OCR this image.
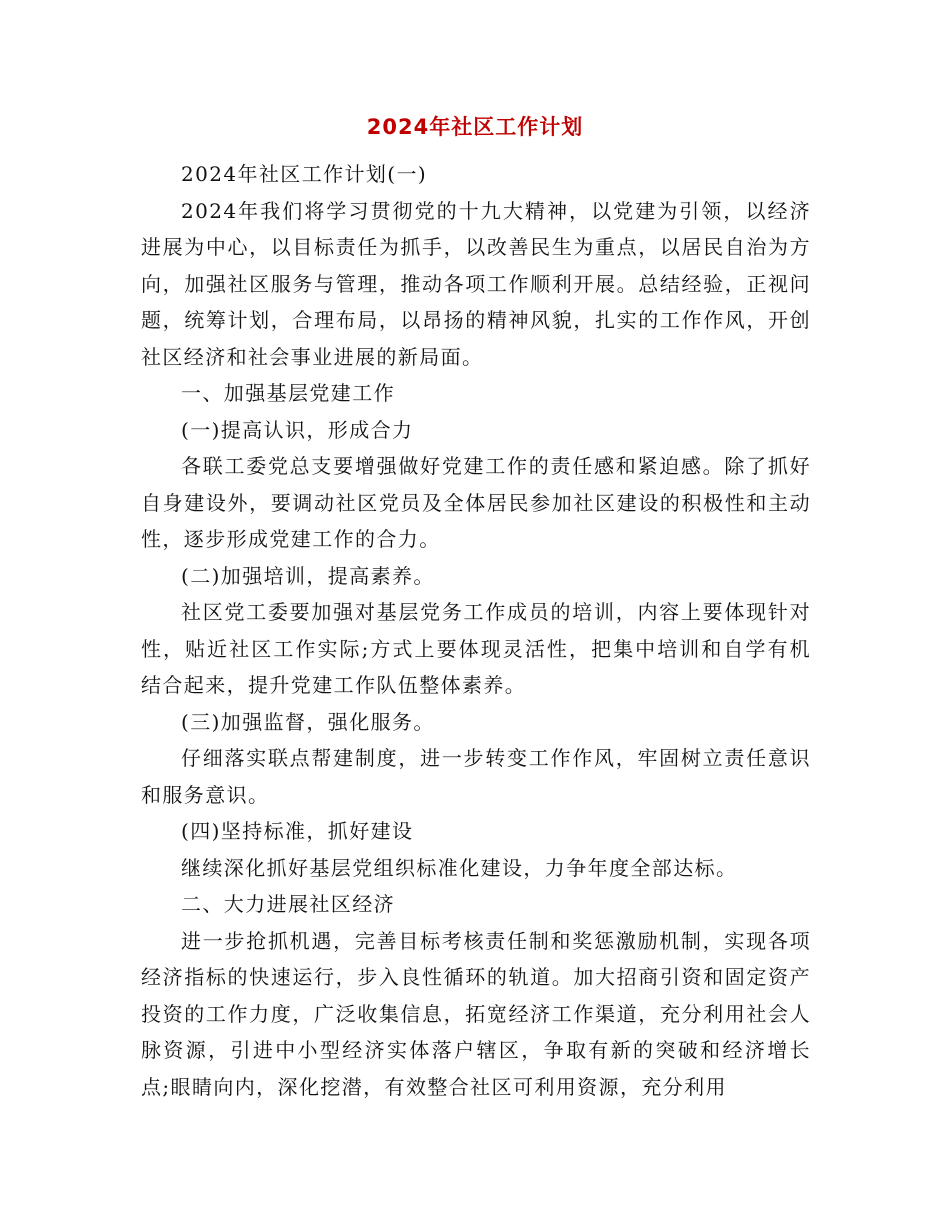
2024年社区工作计划

2024年社区工作计划(一)

2024年我们将学习贯彻党的十九大精神，以党建为引领，以经济进展为中心，以目标责任为抓手，以改善民生为重点，以居民自治为方向，加强社区服务与管理，推动各项工作顺利开展。总结经验，正视问题，统筹计划，合理布局，以昂扬的精神风貌，扎实的工作作风，开创社区经济和社会事业进展的新局面。

一、加强基层党建工作

(一)提高认识，形成合力

各联工委党总支要增强做好党建工作的责任感和紧迫感。除了抓好自身建设外，要调动社区党员及全体居民参加社区建设的积极性和主动性，逐步形成党建工作的合力。

(二)加强培训，提高素养。

社区党工委要加强对基层党务工作成员的培训，内容上要体现针对性，贴近社区工作实际;方式上要体现灵活性，把集中培训和自学有机结合起来，提升党建工作队伍整体素养。

(三)加强监督，强化服务。

仔细落实联点帮建制度，进一步转变工作作风，牢固树立责任意识和服务意识。

(四)坚持标准，抓好建设

继续深化抓好基层党组织标准化建设，力争年度全部达标。

二、大力进展社区经济

进一步抢抓机遇，完善目标考核责任制和奖惩激励机制，实现各项经济指标的快速运行，步入良性循环的轨道。加大招商引资和固定资产投资的工作力度，广泛收集信息，拓宽经济工作渠道，充分利用社会人脉资源，引进中小型经济实体落户辖区，争取有新的突破和经济增长点;眼睛向内，深化挖潜，有效整合社区可利用资源，充分利用
